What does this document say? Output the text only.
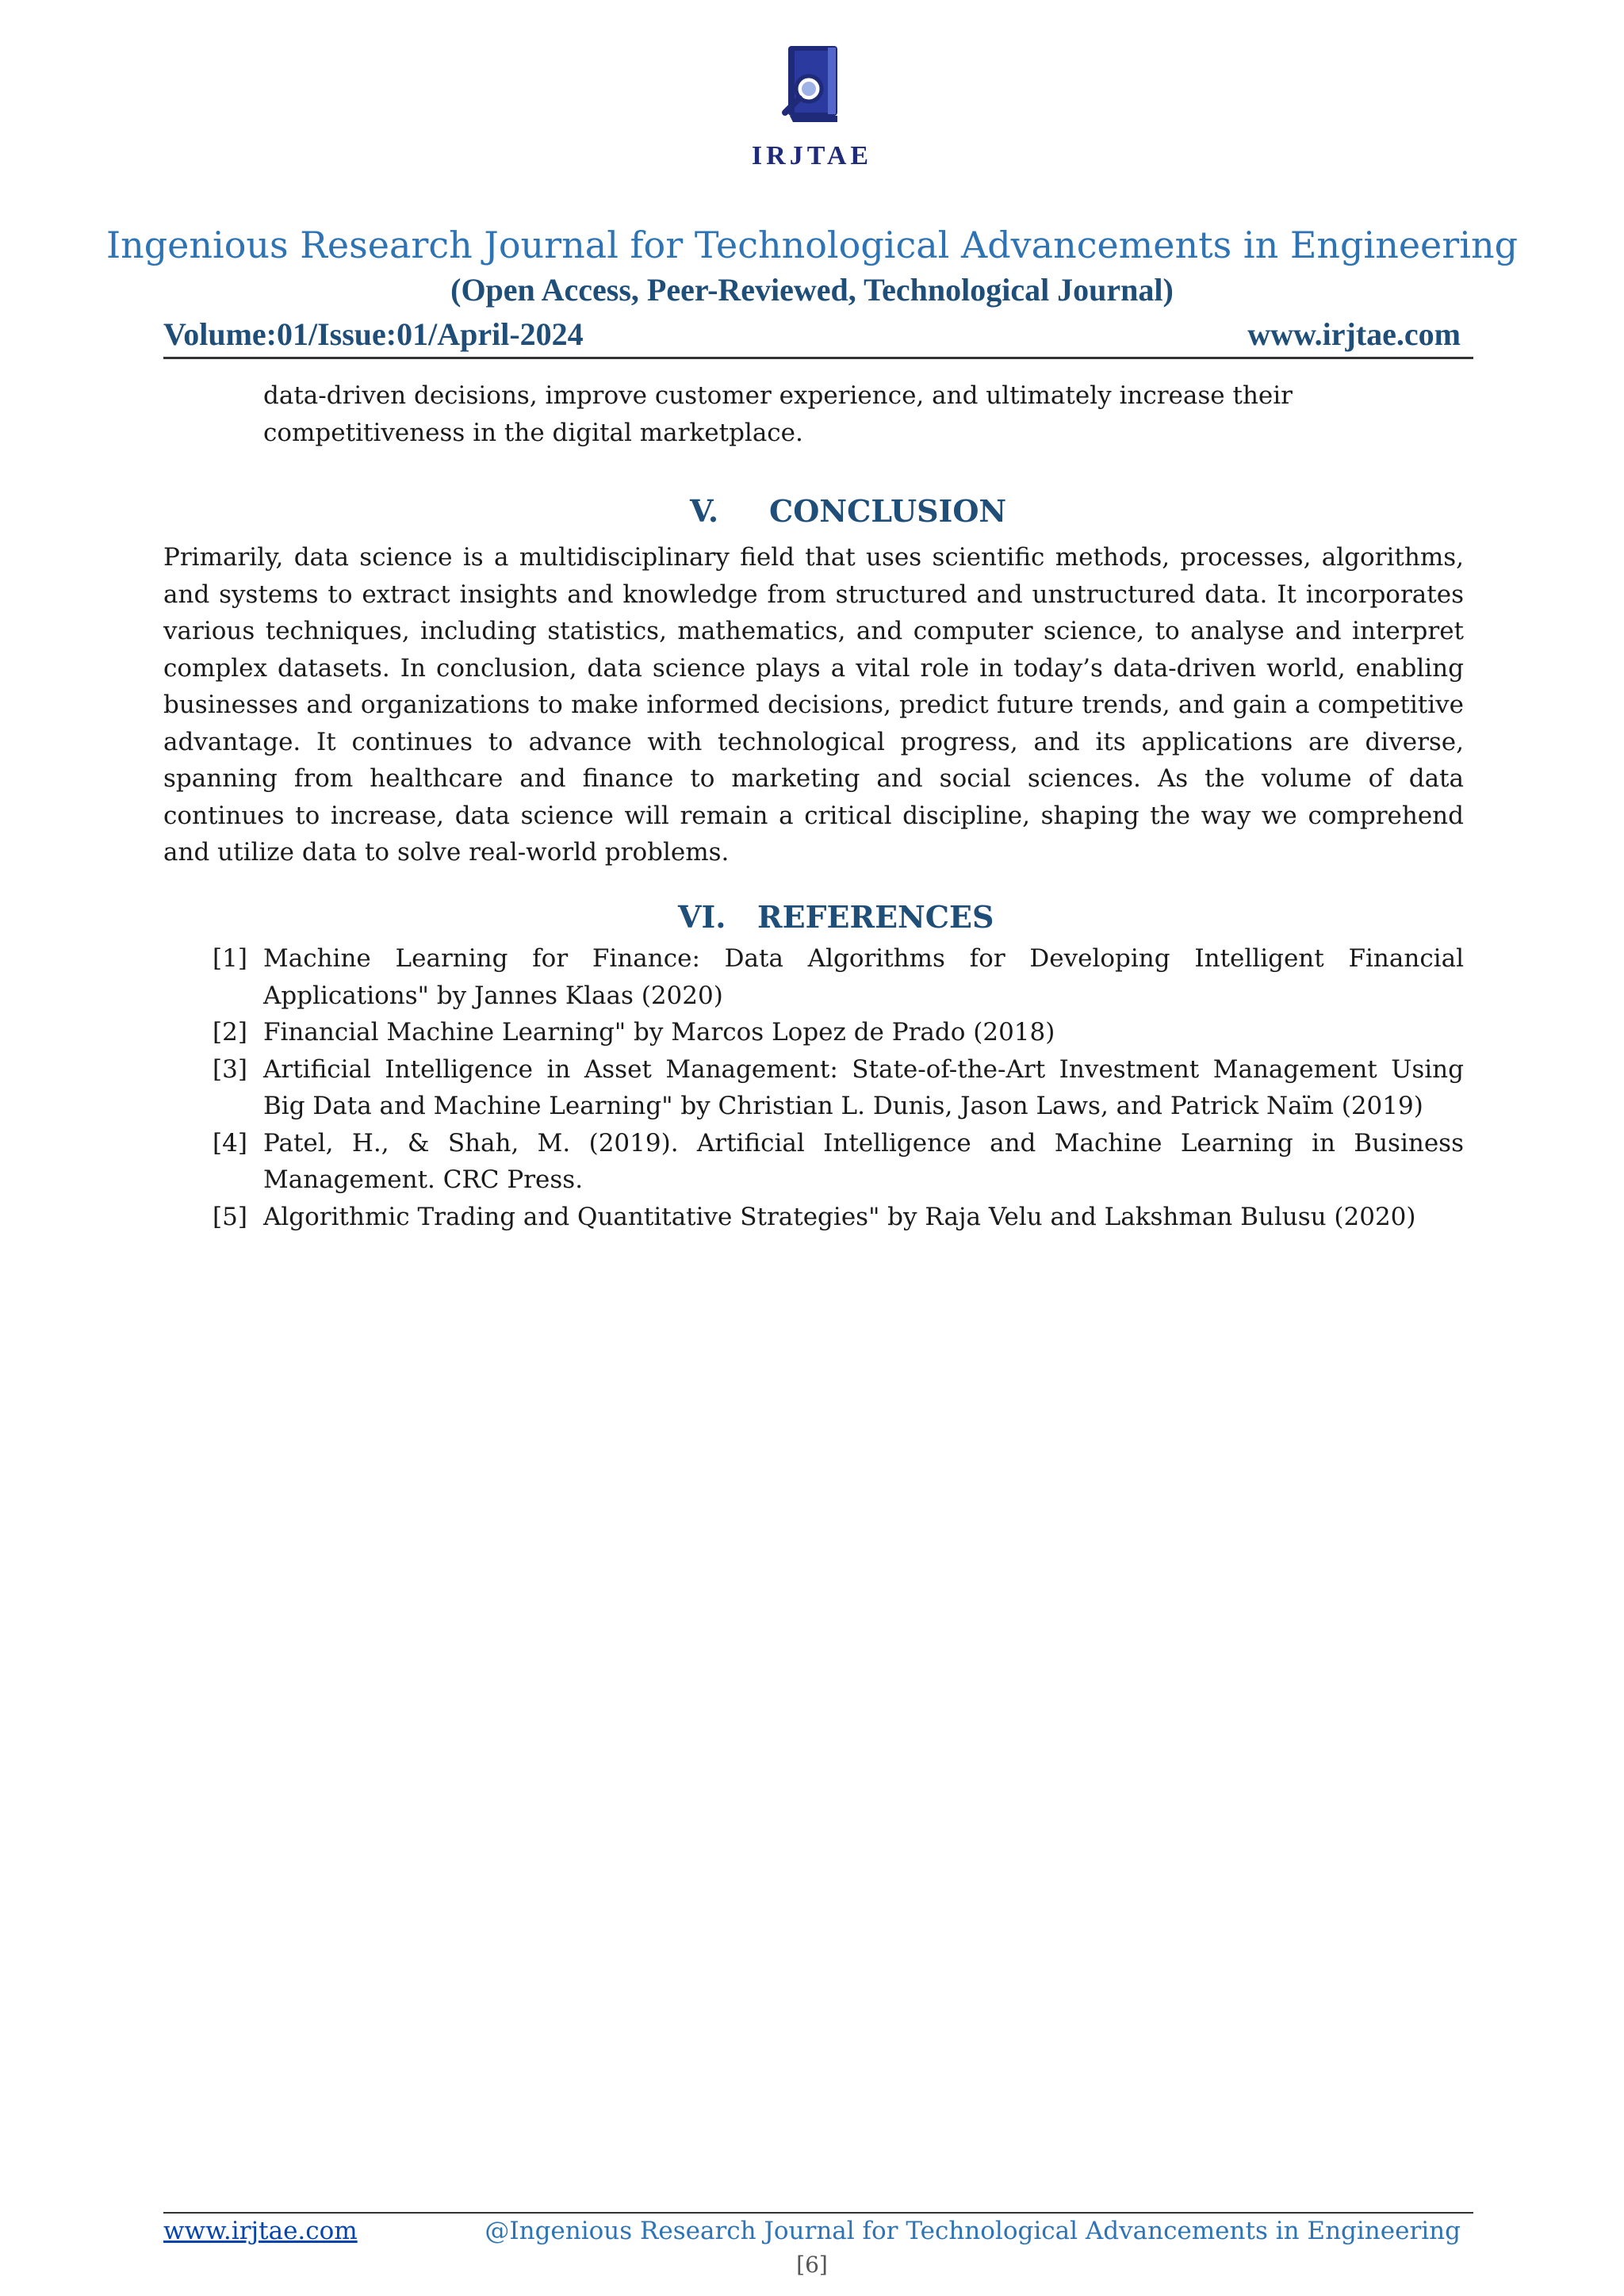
IRJTAE
Ingenious Research Journal for Technological Advancements in Engineering
(Open Access, Peer-Reviewed, Technological Journal)
Volume:01/Issue:01/April-2024	www.irjtae.com
data-driven decisions, improve customer experience, and ultimately increase their competitiveness in the digital marketplace.
V. CONCLUSION
Primarily, data science is a multidisciplinary field that uses scientific methods, processes, algorithms, and systems to extract insights and knowledge from structured and unstructured data. It incorporates various techniques, including statistics, mathematics, and computer science, to analyse and interpret complex datasets. In conclusion, data science plays a vital role in today’s data-driven world, enabling businesses and organizations to make informed decisions, predict future trends, and gain a competitive advantage. It continues to advance with technological progress, and its applications are diverse, spanning from healthcare and finance to marketing and social sciences. As the volume of data continues to increase, data science will remain a critical discipline, shaping the way we comprehend and utilize data to solve real-world problems.
VI. REFERENCES
[1] Machine Learning for Finance: Data Algorithms for Developing Intelligent Financial Applications" by Jannes Klaas (2020)
[2] Financial Machine Learning" by Marcos Lopez de Prado (2018)
[3] Artificial Intelligence in Asset Management: State-of-the-Art Investment Management Using Big Data and Machine Learning" by Christian L. Dunis, Jason Laws, and Patrick Naïm (2019)
[4] Patel, H., & Shah, M. (2019). Artificial Intelligence and Machine Learning in Business Management. CRC Press.
[5] Algorithmic Trading and Quantitative Strategies" by Raja Velu and Lakshman Bulusu (2020)
www.irjtae.com	@Ingenious Research Journal for Technological Advancements in Engineering
[6]
